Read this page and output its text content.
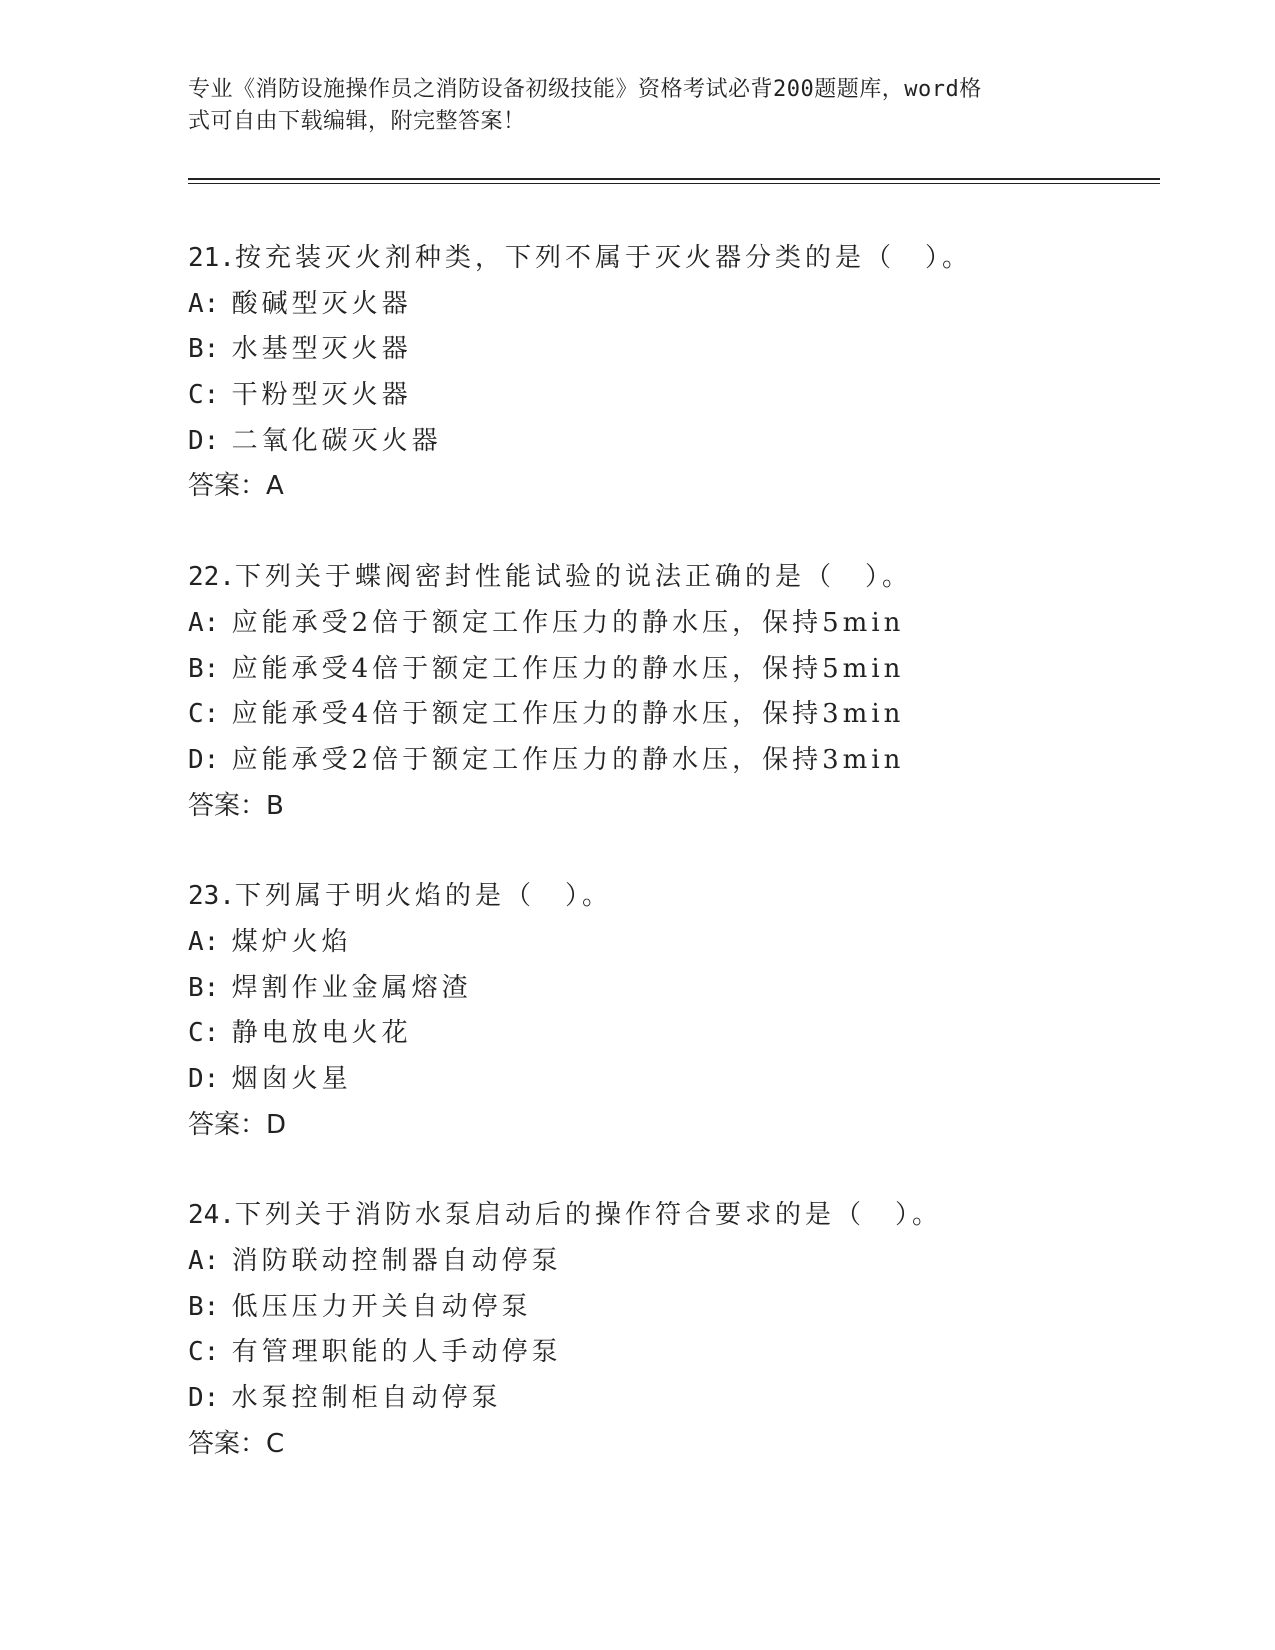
专业《消防设施操作员之消防设备初级技能》资格考试必背200题题库，word格
式可自由下载编辑，附完整答案！
21.按充装灭火剂种类，下列不属于灭火器分类的是（　）。
A: 酸碱型灭火器
B: 水基型灭火器
C: 干粉型灭火器
D: 二氧化碳灭火器
答案：A
22.下列关于蝶阀密封性能试验的说法正确的是（　）。
A: 应能承受2倍于额定工作压力的静水压，保持5min
B: 应能承受4倍于额定工作压力的静水压，保持5min
C: 应能承受4倍于额定工作压力的静水压，保持3min
D: 应能承受2倍于额定工作压力的静水压，保持3min
答案：B
23.下列属于明火焰的是（　）。
A: 煤炉火焰
B: 焊割作业金属熔渣
C: 静电放电火花
D: 烟囱火星
答案：D
24.下列关于消防水泵启动后的操作符合要求的是（　）。
A: 消防联动控制器自动停泵
B: 低压压力开关自动停泵
C: 有管理职能的人手动停泵
D: 水泵控制柜自动停泵
答案：C
